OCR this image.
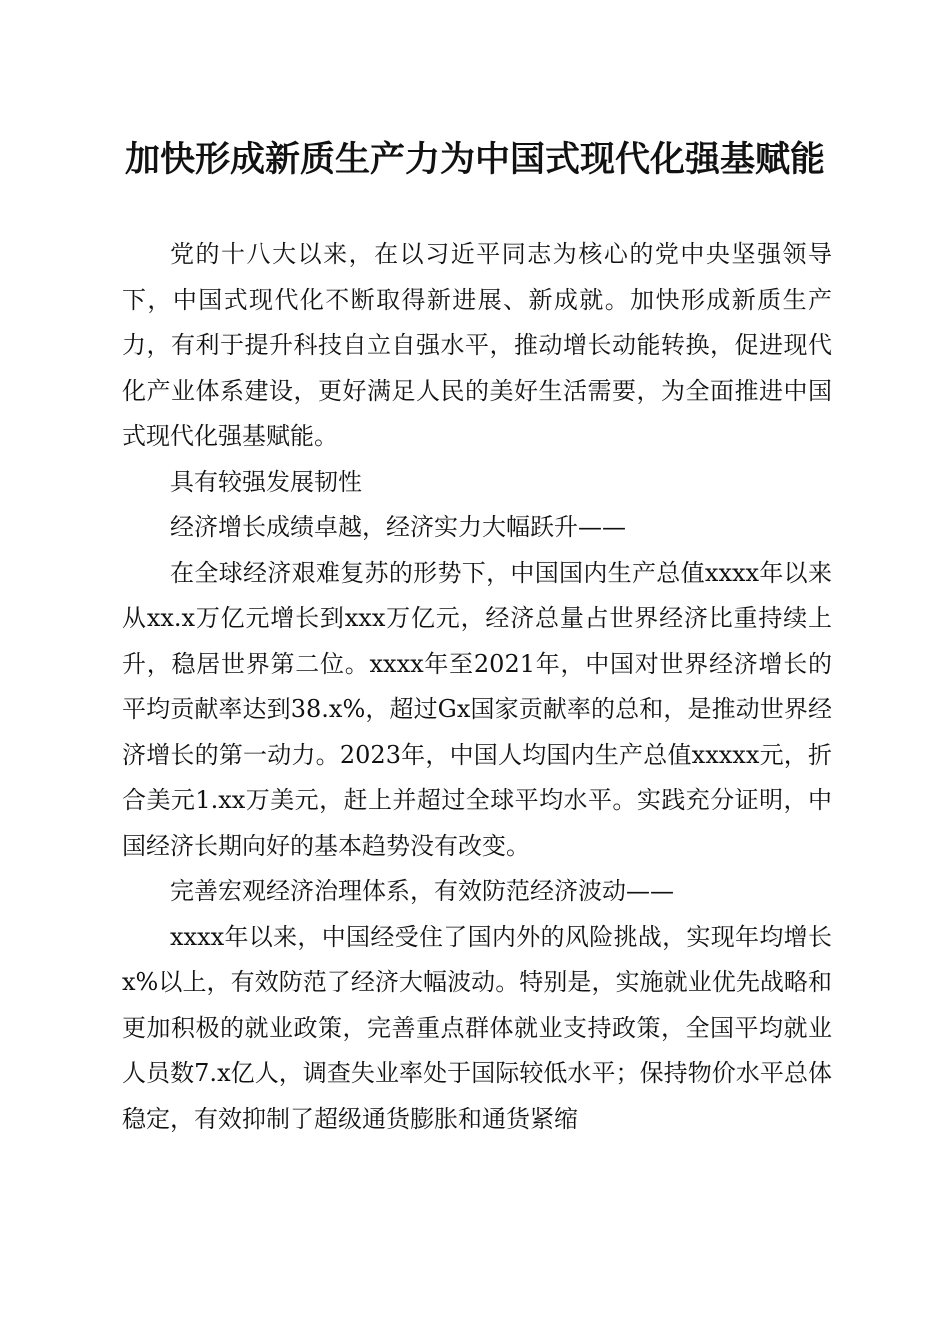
加快形成新质生产力为中国式现代化强基赋能

党的十八大以来，在以习近平同志为核心的党中央坚强领导下，中国式现代化不断取得新进展、新成就。加快形成新质生产力，有利于提升科技自立自强水平，推动增长动能转换，促进现代化产业体系建设，更好满足人民的美好生活需要，为全面推进中国式现代化强基赋能。

具有较强发展韧性

经济增长成绩卓越，经济实力大幅跃升——

在全球经济艰难复苏的形势下，中国国内生产总值xxxx年以来从xx.x万亿元增长到xxx万亿元，经济总量占世界经济比重持续上升，稳居世界第二位。xxxx年至2021年，中国对世界经济增长的平均贡献率达到38.x%，超过Gx国家贡献率的总和，是推动世界经济增长的第一动力。2023年，中国人均国内生产总值xxxxx元，折合美元1.xx万美元，赶上并超过全球平均水平。实践充分证明，中国经济长期向好的基本趋势没有改变。

完善宏观经济治理体系，有效防范经济波动——

xxxx年以来，中国经受住了国内外的风险挑战，实现年均增长x%以上，有效防范了经济大幅波动。特别是，实施就业优先战略和更加积极的就业政策，完善重点群体就业支持政策，全国平均就业人员数7.x亿人，调查失业率处于国际较低水平；保持物价水平总体稳定，有效抑制了超级通货膨胀和通货紧缩
